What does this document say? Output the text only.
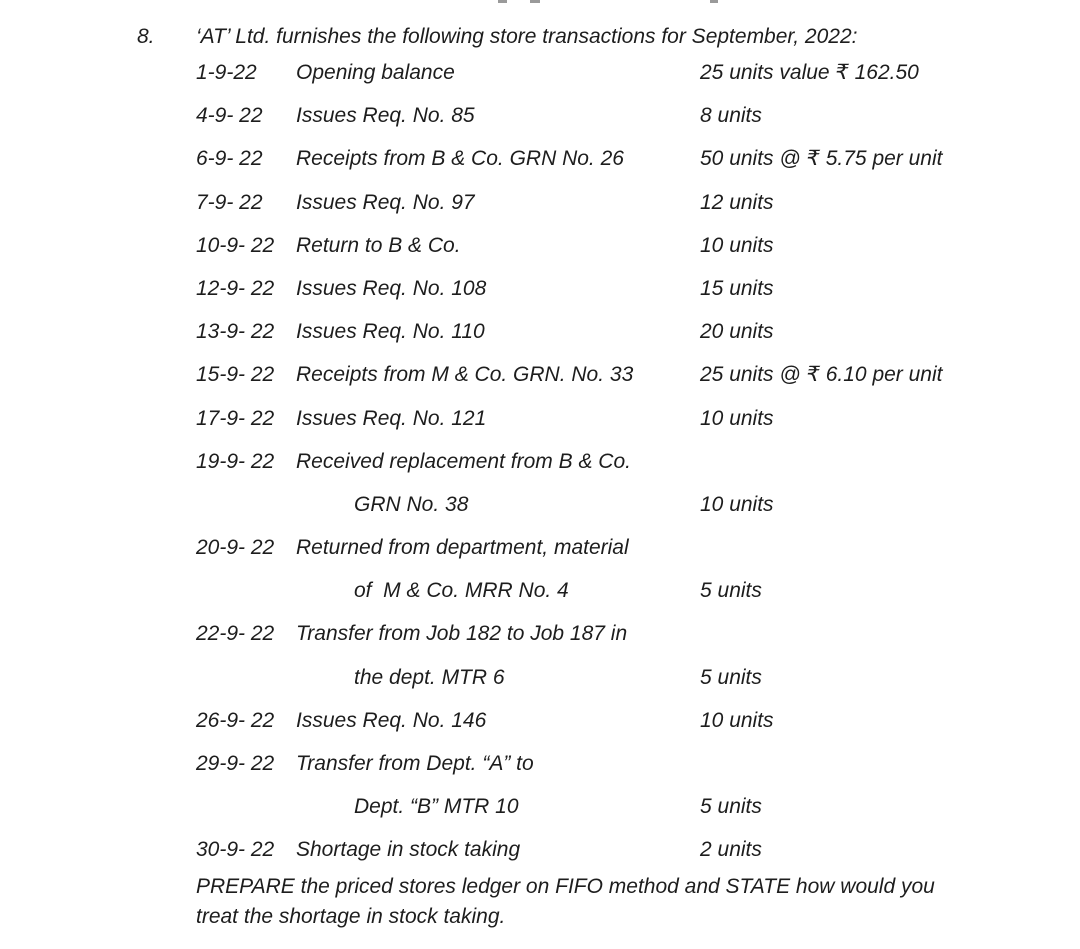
8.	‘AT’ Ltd. furnishes the following store transactions for September, 2022:
1-9-22	Opening balance	25 units value ₹ 162.50
4-9- 22	Issues Req. No. 85	8 units
6-9- 22	Receipts from B & Co. GRN No. 26	50 units @ ₹ 5.75 per unit
7-9- 22	Issues Req. No. 97	12 units
10-9- 22	Return to B & Co.	10 units
12-9- 22	Issues Req. No. 108	15 units
13-9- 22	Issues Req. No. 110	20 units
15-9- 22	Receipts from M & Co. GRN. No. 33	25 units @ ₹ 6.10 per unit
17-9- 22	Issues Req. No. 121	10 units
19-9- 22	Received replacement from B & Co.
GRN No. 38	10 units
20-9- 22	Returned from department, material
of  M & Co. MRR No. 4	5 units
22-9- 22	Transfer from Job 182 to Job 187 in
the dept. MTR 6	5 units
26-9- 22	Issues Req. No. 146	10 units
29-9- 22	Transfer from Dept. “A” to
Dept. “B” MTR 10	5 units
30-9- 22	Shortage in stock taking	2 units
PREPARE the priced stores ledger on FIFO method and STATE how would you
treat the shortage in stock taking.
